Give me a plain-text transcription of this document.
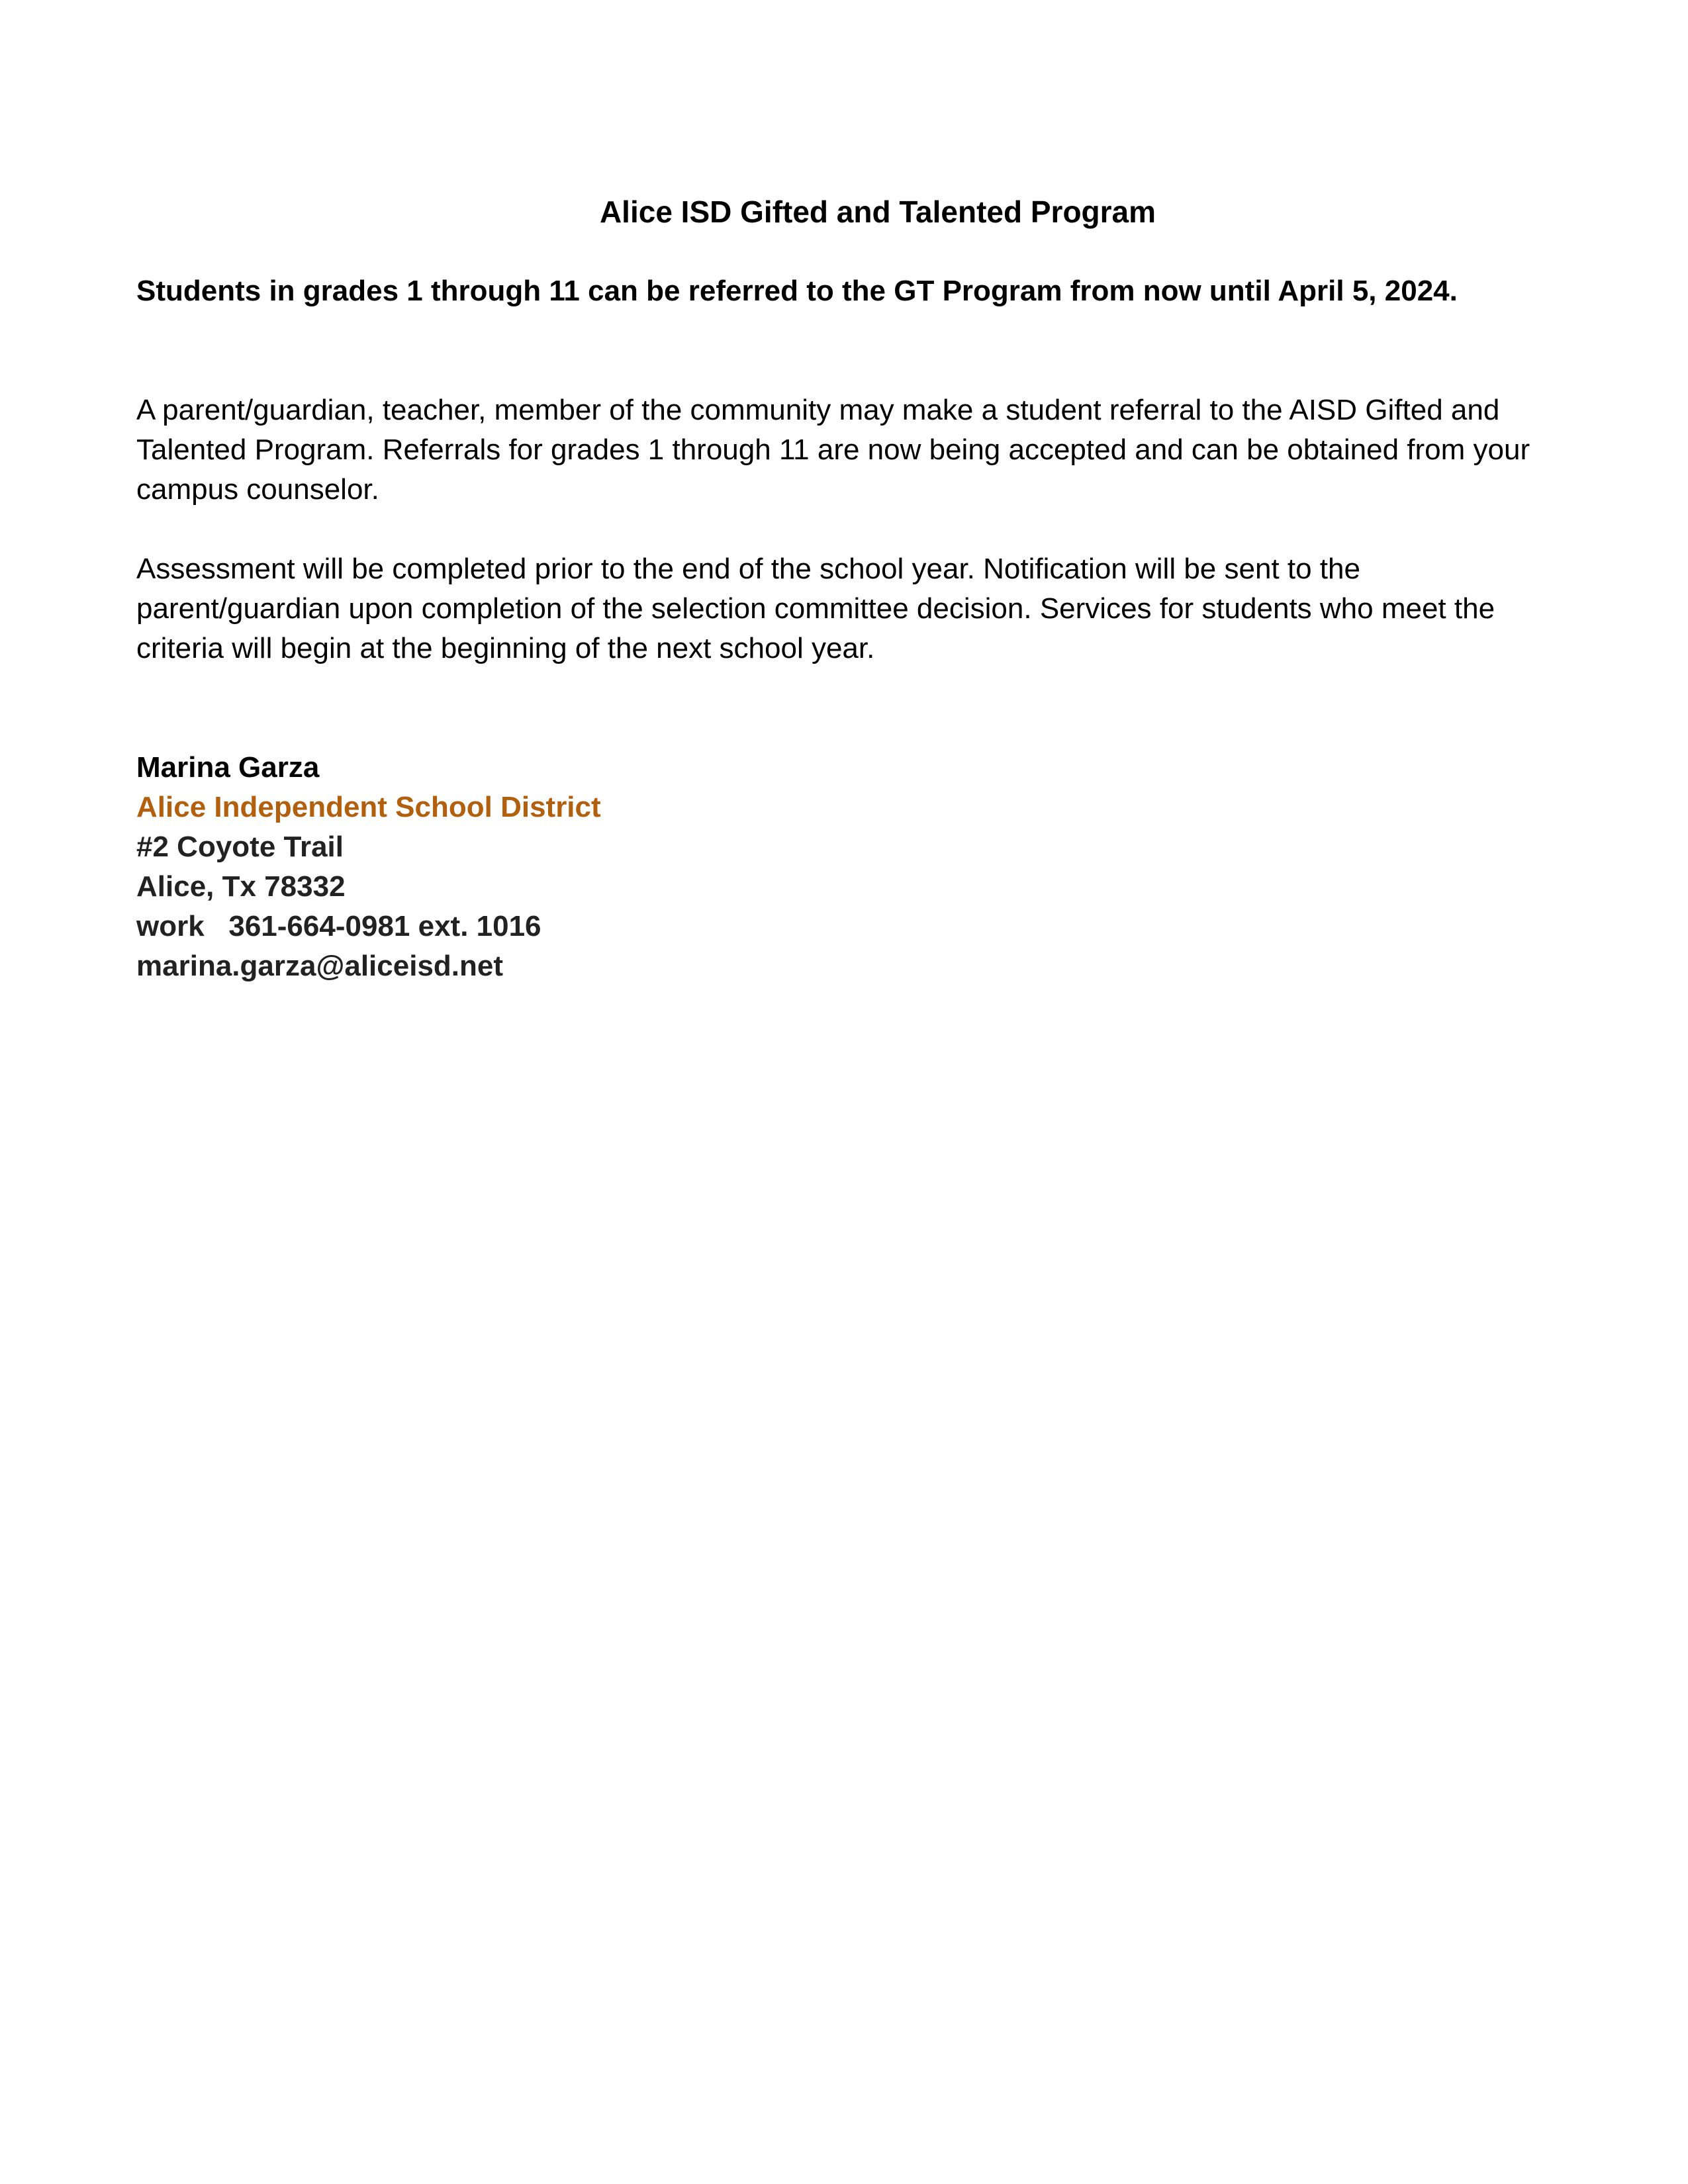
Alice ISD Gifted and Talented Program
Students in grades 1 through 11 can be referred to the GT Program from now until April 5, 2024.
A parent/guardian, teacher, member of the community may make a student referral to the AISD Gifted and Talented Program. Referrals for grades 1 through 11 are now being accepted and can be obtained from your campus counselor.
Assessment will be completed prior to the end of the school year. Notification will be sent to the parent/guardian upon completion of the selection committee decision. Services for students who meet the criteria will begin at the beginning of the next school year.
Marina Garza
Alice Independent School District
#2 Coyote Trail
Alice, Tx 78332
work   361-664-0981 ext. 1016
marina.garza@aliceisd.net
